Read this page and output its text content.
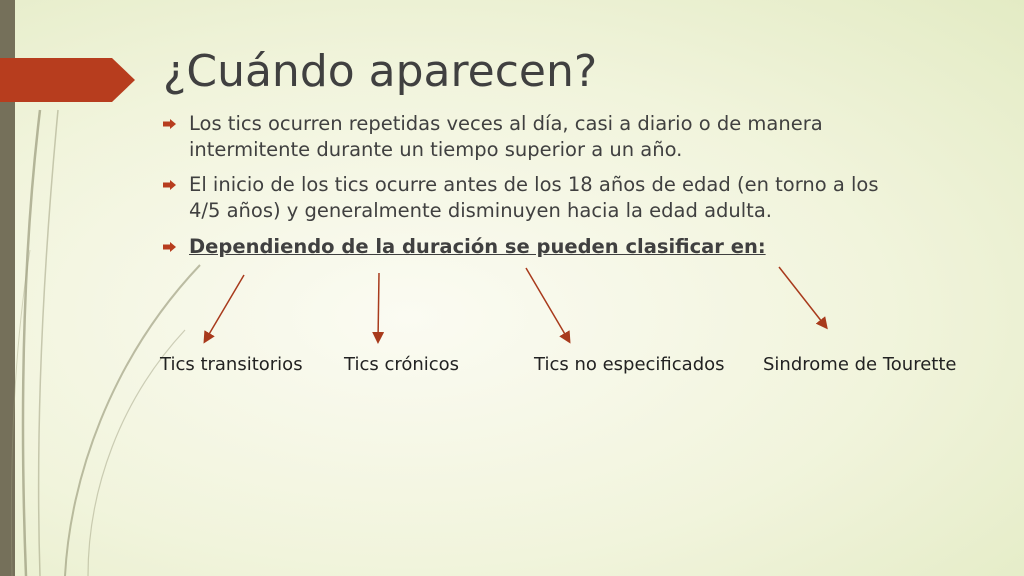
¿Cuándo aparecen?
Los tics ocurren repetidas veces al día, casi a diario o de manera intermitente durante un tiempo superior a un año.
El inicio de los tics ocurre antes de los 18 años de edad (en torno a los 4/5 años) y generalmente disminuyen hacia la edad adulta.
Dependiendo de la duración se pueden clasificar en:
Tics transitorios Tics crónicos	Tics no especificados Sindrome de Tourette
